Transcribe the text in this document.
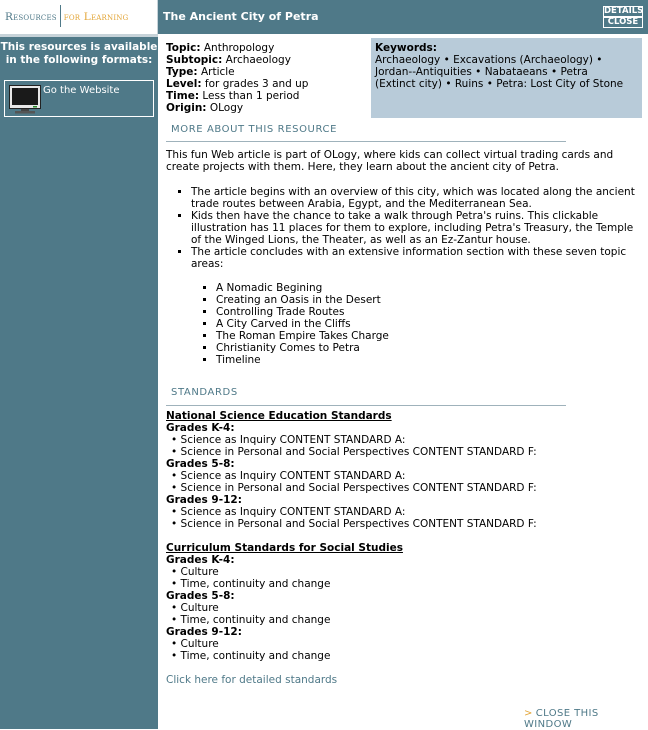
Resources for Learning	The Ancient City of Petra	DETAILS
CLOSE
This resources is available
in the following formats:
Go the Website
Topic: Anthropology
Subtopic: Archaeology
Type: Article
Level: for grades 3 and up
Time: Less than 1 period
Origin: OLogy
Keywords:
Archaeology • Excavations (Archaeology) •
Jordan--Antiquities • Nabataeans • Petra
(Extinct city) • Ruins • Petra: Lost City of Stone
MORE ABOUT THIS RESOURCE
This fun Web article is part of OLogy, where kids can collect virtual trading cards and
create projects with them. Here, they learn about the ancient city of Petra.
▪ The article begins with an overview of this city, which was located along the ancient trade routes between Arabia, Egypt, and the Mediterranean Sea.
▪ Kids then have the chance to take a walk through Petra's ruins. This clickable illustration has 11 places for them to explore, including Petra's Treasury, the Temple of the Winged Lions, the Theater, as well as an Ez-Zantur house.
▪ The article concludes with an extensive information section with these seven topic areas:
▪ A Nomadic Begining
▪ Creating an Oasis in the Desert
▪ Controlling Trade Routes
▪ A City Carved in the Cliffs
▪ The Roman Empire Takes Charge
▪ Christianity Comes to Petra
▪ Timeline
STANDARDS
National Science Education Standards
Grades K-4:
• Science as Inquiry CONTENT STANDARD A:
• Science in Personal and Social Perspectives CONTENT STANDARD F:
Grades 5-8:
• Science as Inquiry CONTENT STANDARD A:
• Science in Personal and Social Perspectives CONTENT STANDARD F:
Grades 9-12:
• Science as Inquiry CONTENT STANDARD A:
• Science in Personal and Social Perspectives CONTENT STANDARD F:
Curriculum Standards for Social Studies
Grades K-4:
• Culture
• Time, continuity and change
Grades 5-8:
• Culture
• Time, continuity and change
Grades 9-12:
• Culture
• Time, continuity and change
Click here for detailed standards
> CLOSE THIS WINDOW
